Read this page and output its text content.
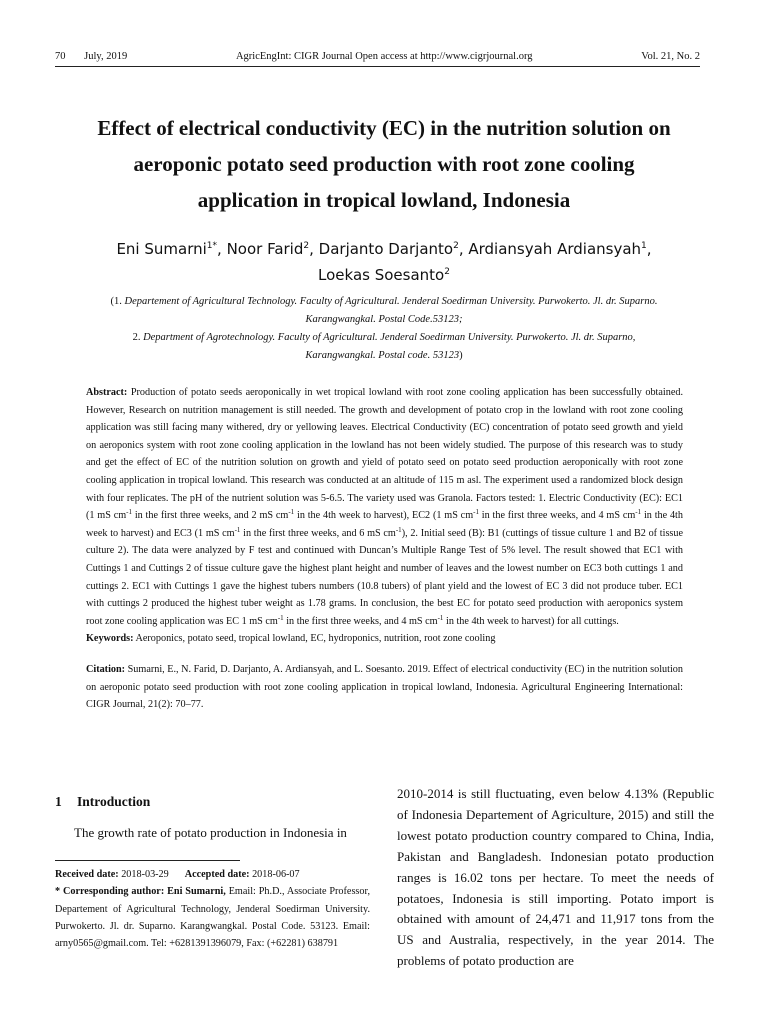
70 July, 2019	AgricEngInt: CIGR Journal Open access at http://www.cigrjournal.org	Vol. 21, No. 2
Effect of electrical conductivity (EC) in the nutrition solution on
aeroponic potato seed production with root zone cooling
application in tropical lowland, Indonesia
Eni Sumarni$^{1*}$, Noor Farid$^2$, Darjanto Darjanto$^2$, Ardiansyah Ardiansyah$^1$,
Loekas Soesanto$^2$
(1. Departement of Agricultural Technology. Faculty of Agricultural. Jenderal Soedirman University. Purwokerto. Jl. dr. Suparno.
Karangwangkal. Postal Code.53123;
2. Department of Agrotechnology. Faculty of Agricultural. Jenderal Soedirman University. Purwokerto. Jl. dr. Suparno,
Karangwangkal. Postal code. 53123)
Abstract: Production of potato seeds aeroponically in wet tropical lowland with root zone cooling application has been successfully obtained. However, Research on nutrition management is still needed. The growth and development of potato crop in the lowland with root zone cooling application was still facing many withered, dry or yellowing leaves. Electrical Conductivity (EC) concentration of potato seed growth and yield on aeroponics system with root zone cooling application in the lowland has not been widely studied. The purpose of this research was to study and get the effect of EC of the nutrition solution on growth and yield of potato seed on potato seed production aeroponically with root zone cooling application in tropical lowland. This research was conducted at an altitude of 115 m asl. The experiment used a randomized block design with four replicates. The pH of the nutrient solution was 5-6.5. The variety used was Granola. Factors tested: 1. Electric Conductivity (EC): EC1 (1 mS $cm^{-1}$ in the first three weeks, and 2 mS $cm^{-1}$ in the 4th week to harvest), EC2 (1 mS $cm^{-1}$ in the first three weeks, and 4 mS $cm^{-1}$ in the 4th week to harvest) and EC3 (1 mS $cm^{-1}$ in the first three weeks, and 6 mS $cm^{-1}$), 2. Initial seed (B): B1 (cuttings of tissue culture 1 and B2 of tissue culture 2). The data were analyzed by F test and continued with Duncan’s Multiple Range Test of 5% level. The result showed that EC1 with Cuttings 1 and Cuttings 2 of tissue culture gave the highest plant height and number of leaves and the lowest number on EC3 both cuttings 1 and cuttings 2. EC1 with Cuttings 1 gave the highest tubers numbers (10.8 tubers) of plant yield and the lowest of EC 3 did not produce tuber. EC1 with cuttings 2 produced the highest tuber weight as 1.78 grams. In conclusion, the best EC for potato seed production with aeroponics system root zone cooling application was EC 1 mS $cm^{-1}$ in the first three weeks, and 4 mS $cm^{-1}$ in the 4th week to harvest) for all cuttings.
Keywords: Aeroponics, potato seed, tropical lowland, EC, hydroponics, nutrition, root zone cooling
Citation: Sumarni, E., N. Farid, D. Darjanto, A. Ardiansyah, and L. Soesanto. 2019. Effect of electrical conductivity (EC) in the nutrition solution on aeroponic potato seed production with root zone cooling application in tropical lowland, Indonesia. Agricultural Engineering International: CIGR Journal, 21(2): 70–77.
1 Introduction
The growth rate of potato production in Indonesia in
Received date: 2018-03-29 Accepted date: 2018-06-07
* Corresponding author: Eni Sumarni, Email: Ph.D., Associate Professor, Departement of Agricultural Technology, Jenderal Soedirman University. Purwokerto. Jl. dr. Suparno. Karangwangkal. Postal Code. 53123. Email: arny0565@gmail.com. Tel: +6281391396079, Fax: (+62281) 638791
2010-2014 is still fluctuating, even below 4.13% (Republic of Indonesia Departement of Agriculture, 2015) and still the lowest potato production country compared to China, India, Pakistan and Bangladesh. Indonesian potato production ranges is 16.02 tons per hectare. To meet the needs of potatoes, Indonesia is still importing. Potato import is obtained with amount of 24,471 and 11,917 tons from the US and Australia, respectively, in the year 2014. The problems of potato production are
